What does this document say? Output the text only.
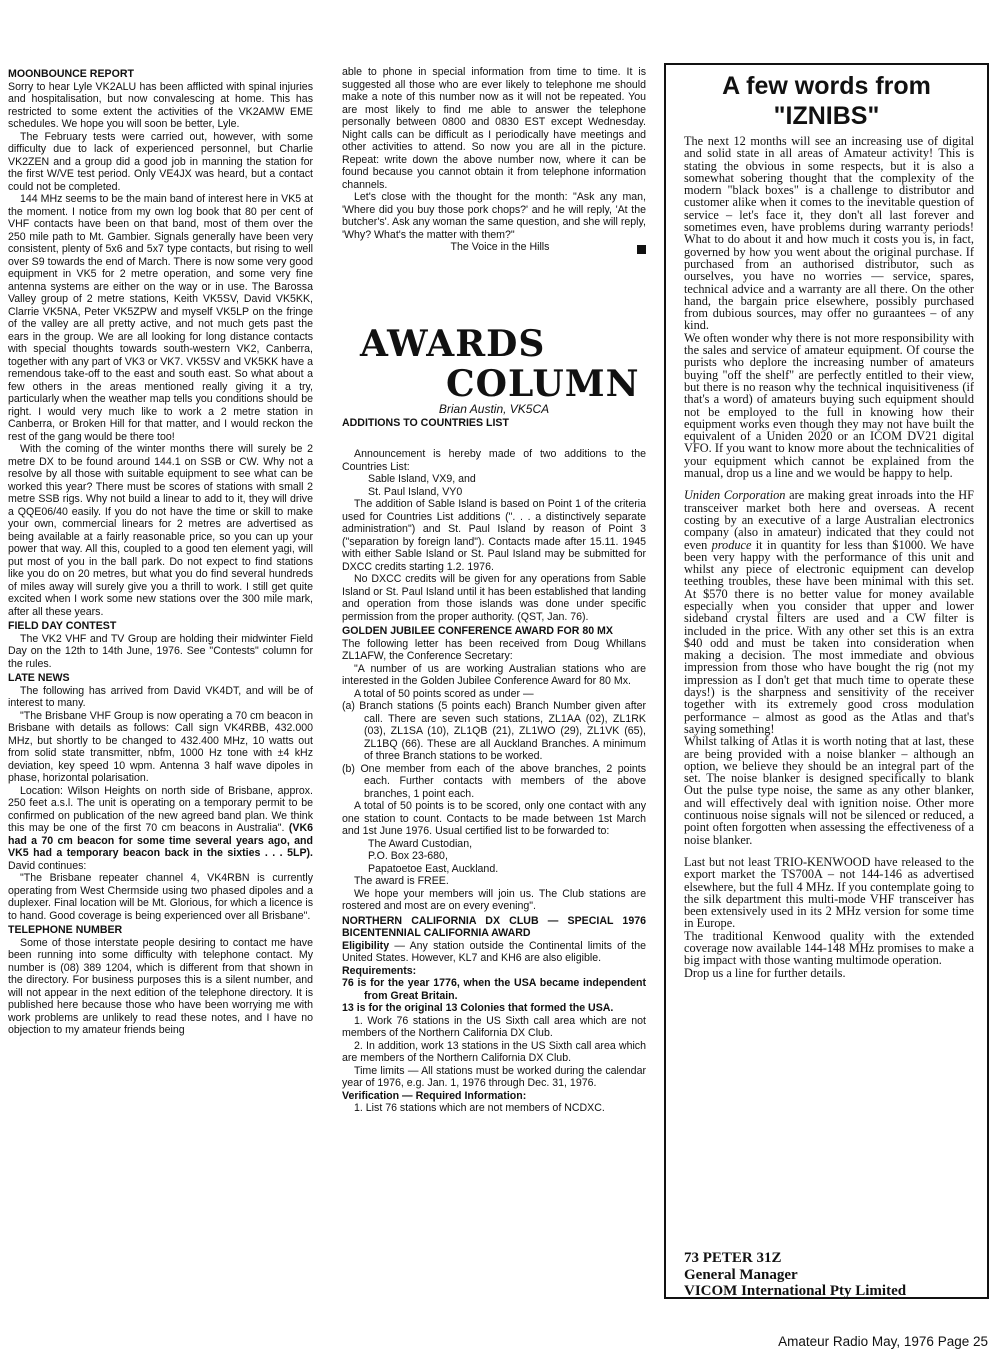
MOONBOUNCE REPORT

Sorry to hear Lyle VK2ALU has been afflicted with spinal injuries and hospitalisation, but now convalescing at home. This has restricted to some extent the activities of the VK2AMW EME schedules. We hope you will soon be better, Lyle.

The February tests were carried out, however, with some difficulty due to lack of experienced personnel, but Charlie VK2ZEN and a group did a good job in manning the station for the first W/VE test period. Only VE4JX was heard, but a contact could not be completed.

144 MHz seems to be the main band of interest here in VK5 at the moment. I notice from my own log book that 80 per cent of VHF contacts have been on that band, most of them over the 250 mile path to Mt. Gambier. Signals generally have been very consistent, plenty of 5x6 and 5x7 type contacts, but rising to well over S9 towards the end of March. There is now some very good equipment in VK5 for 2 metre operation, and some very fine antenna systems are either on the way or in use. The Barossa Valley group of 2 metre stations, Keith VK5SV, David VK5KK, Clarrie VK5NA, Peter VK5ZPW and myself VK5LP on the fringe of the valley are all pretty active, and not much gets past the ears in the group. We are all looking for long distance contacts with special thoughts towards south-western VK2, Canberra, together with any part of VK3 or VK7. VK5SV and VK5KK have a remendous take-off to the east and south east. So what about a few others in the areas mentioned really giving it a try, particularly when the weather map tells you conditions should be right. I would very much like to work a 2 metre station in Canberra, or Broken Hill for that matter, and I would reckon the rest of the gang would be there too!

With the coming of the winter months there will surely be 2 metre DX to be found around 144.1 on SSB or CW. Why not a resolve by all those with suitable equipment to see what can be worked this year? There must be scores of stations with small 2 metre SSB rigs. Why not build a linear to add to it, they will drive a QQE06/40 easily. If you do not have the time or skill to make your own, commercial linears for 2 metres are advertised as being available at a fairly reasonable price, so you can up your power that way. All this, coupled to a good ten element yagi, will put most of you in the ball park. Do not expect to find stations like you do on 20 metres, but what you do find several hundreds of miles away will surely give you a thrill to work. I still get quite excited when I work some new stations over the 300 mile mark, after all these years.

FIELD DAY CONTEST

The VK2 VHF and TV Group are holding their midwinter Field Day on the 12th to 14th June, 1976. See "Contests" column for the rules.

LATE NEWS

The following has arrived from David VK4DT, and will be of interest to many.

"The Brisbane VHF Group is now operating a 70 cm beacon in Brisbane with details as follows: Call sign VK4RBB, 432.000 MHz, but shortly to be changed to 432.400 MHz, 10 watts out from solid state transmitter, nbfm, 1000 Hz tone with ±4 kHz deviation, key speed 10 wpm. Antenna 3 half wave dipoles in phase, horizontal polarisation.

Location: Wilson Heights on north side of Brisbane, approx. 250 feet a.s.l. The unit is operating on a temporary permit to be confirmed on publication of the new agreed band plan. We think this may be one of the first 70 cm beacons in Australia". (VK6 had a 70 cm beacon for some time several years ago, and VK5 had a temporary beacon back in the sixties . . . 5LP). David continues:

"The Brisbane repeater channel 4, VK4RBN is currently operating from West Chermside using two phased dipoles and a duplexer. Final location will be Mt. Glorious, for which a licence is to hand. Good coverage is being experienced over all Brisbane".

TELEPHONE NUMBER

Some of those interstate people desiring to contact me have been running into some difficulty with telephone contact. My number is (08) 389 1204, which is different from that shown in the directory. For business purposes this is a silent number, and will not appear in the next edition of the telephone directory. It is published here because those who have been worrying me with work problems are unlikely to read these notes, and I have no objection to my amateur friends being

able to phone in special information from time to time. It is suggested all those who are ever likely to telephone me should make a note of this number now as it will not be repeated. You are most likely to find me able to answer the telephone personally between 0800 and 0830 EST except Wednesday. Night calls can be difficult as I periodically have meetings and other activities to attend. So now you are all in the picture. Repeat: write down the above number now, where it can be found because you cannot obtain it from telephone information channels.

Let's close with the thought for the month: "Ask any man, 'Where did you buy those pork chops?' and he will reply, 'At the butcher's'. Ask any woman the same question, and she will reply, 'Why? What's the matter with them?"

The Voice in the Hills

AWARDS
COLUMN
Brian Austin, VK5CA
ADDITIONS TO COUNTRIES LIST

Announcement is hereby made of two additions to the Countries List:

Sable Island, VX9, and

St. Paul Island, VY0

The addition of Sable Island is based on Point 1 of the criteria used for Countries List additions (". . . a distinctively separate administration") and St. Paul Island by reason of Point 3 ("separation by foreign land"). Contacts made after 15.11. 1945 with either Sable Island or St. Paul Island may be submitted for DXCC credits starting 1.2. 1976.

No DXCC credits will be given for any operations from Sable Island or St. Paul Island until it has been established that landing and operation from those islands was done under specific permission from the proper authority. (QST, Jan. 76).

GOLDEN JUBILEE CONFERENCE AWARD FOR 80 MX

The following letter has been received from Doug Whillans ZL1AFW, the Conference Secretary:

"A number of us are working Australian stations who are interested in the Golden Jubilee Conference Award for 80 Mx.

A total of 50 points scored as under —

(a) Branch stations (5 points each) Branch Number given after call. There are seven such stations, ZL1AA (02), ZL1RK (03), ZL1SA (10), ZL1QB (21), ZL1WO (29), ZL1VK (65), ZL1BQ (66). These are all Auckland Branches. A minimum of three Branch stations to be worked.

(b) One member from each of the above branches, 2 points each. Further contacts with members of the above branches, 1 point each.

A total of 50 points is to be scored, only one contact with any one station to count. Contacts to be made between 1st March and 1st June 1976. Usual certified list to be forwarded to:

The Award Custodian,

P.O. Box 23-680,

Papatoetoe East, Auckland.

The award is FREE.

We hope your members will join us. The Club stations are rostered and most are on every evening".

NORTHERN CALIFORNIA DX CLUB — SPECIAL 1976 BICENTENNIAL CALIFORNIA AWARD

Eligibility — Any station outside the Continental limits of the United States. However, KL7 and KH6 are also eligible.

Requirements:

76 is for the year 1776, when the USA became independent from Great Britain.

13 is for the original 13 Colonies that formed the USA.

1. Work 76 stations in the US Sixth call area which are not members of the Northern California DX Club.

2. In addition, work 13 stations in the US Sixth call area which are members of the Northern California DX Club.

Time limits — All stations must be worked during the calendar year of 1976, e.g. Jan. 1, 1976 through Dec. 31, 1976.

Verification — Required Information:

1. List 76 stations which are not members of NCDXC.

A few words from
"IZNIBS"

The next 12 months will see an increasing use of digital and solid state in all areas of Amateur activity! This is stating the obvious in some respects, but it is also a somewhat sobering thought that the complexity of the modern "black boxes" is a challenge to distributor and customer alike when it comes to the inevitable question of service – let's face it, they don't all last forever and sometimes even, have problems during warranty periods! What to do about it and how much it costs you is, in fact, governed by how you went about the original purchase. If purchased from an authorised distributor, such as ourselves, you have no worries — service, spares, technical advice and a warranty are all there. On the other hand, the bargain price elsewhere, possibly purchased from dubious sources, may offer no guraantees – of any kind.

We often wonder why there is not more responsibility with the sales and service of amateur equipment. Of course the purists who deplore the increasing number of amateurs buying "off the shelf" are perfectly entitled to their view, but there is no reason why the technical inquisitiveness (if that's a word) of amateurs buying such equipment should not be employed to the full in knowing how their equipment works even though they may not have built the equivalent of a Uniden 2020 or an ICOM DV21 digital VFO. If you want to know more about the technicalities of your equipment which cannot be explained from the manual, drop us a line and we would be happy to help.

Uniden Corporation are making great inroads into the HF transceiver market both here and overseas. A recent costing by an executive of a large Australian electronics company (also in amateur) indicated that they could not even produce it in quantity for less than $1000. We have been very happy with the performance of this unit and whilst any piece of electronic equipment can develop teething troubles, these have been minimal with this set. At $570 there is no better value for money available especially when you consider that upper and lower sideband crystal filters are used and a CW filter is included in the price. With any other set this is an extra $40 odd and must be taken into consideration when making a decision. The most immediate and obvious impression from those who have bought the rig (not my impression as I don't get that much time to operate these days!) is the sharpness and sensitivity of the receiver together with its extremely good cross modulation performance – almost as good as the Atlas and that's saying something!

Whilst talking of Atlas it is worth noting that at last, these are being provided with a noise blanker – although an option, we believe they should be an integral part of the set. The noise blanker is designed specifically to blank Out the pulse type noise, the same as any other blanker, and will effectively deal with ignition noise. Other more continuous noise signals will not be silenced or reduced, a point often forgotten when assessing the effectiveness of a noise blanker.

Last but not least TRIO-KENWOOD have released to the export market the TS700A – not 144-146 as advertised elsewhere, but the full 4 MHz. If you contemplate going to the silk department this multi-mode VHF transceiver has been extensively used in its 2 MHz version for some time in Europe.

The traditional Kenwood quality with the extended coverage now available 144-148 MHz promises to make a big impact with those wanting multimode operation.

Drop us a line for further details.

73 PETER 31Z
General Manager
VICOM International Pty Limited
Amateur Radio May, 1976 Page 25
